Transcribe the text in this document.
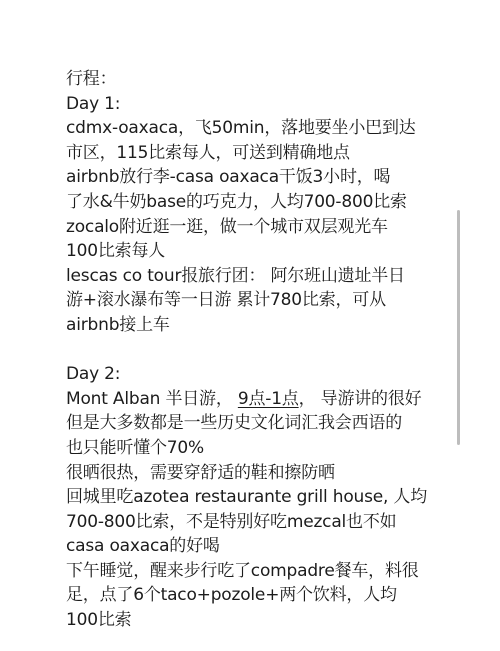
行程：
Day 1:
cdmx-oaxaca，飞50min，落地要坐小巴到达
市区，115比索每人，可送到精确地点
airbnb放行李-casa oaxaca干饭3小时，喝
了水&牛奶base的巧克力，人均700-800比索
zocalo附近逛一逛，做一个城市双层观光车
100比索每人
lescas co tour报旅行团： 阿尔班山遗址半日
游+滚水瀑布等一日游 累计780比索，可从
airbnb接上车
Day 2:
Mont Alban 半日游， 9点-1点， 导游讲的很好
但是大多数都是一些历史文化词汇我会西语的
也只能听懂个70%
很晒很热，需要穿舒适的鞋和擦防晒
回城里吃azotea restaurante grill house, 人均
700-800比索，不是特别好吃mezcal也不如
casa oaxaca的好喝
下午睡觉，醒来步行吃了compadre餐车，料很
足，点了6个taco+pozole+两个饮料，人均
100比索
